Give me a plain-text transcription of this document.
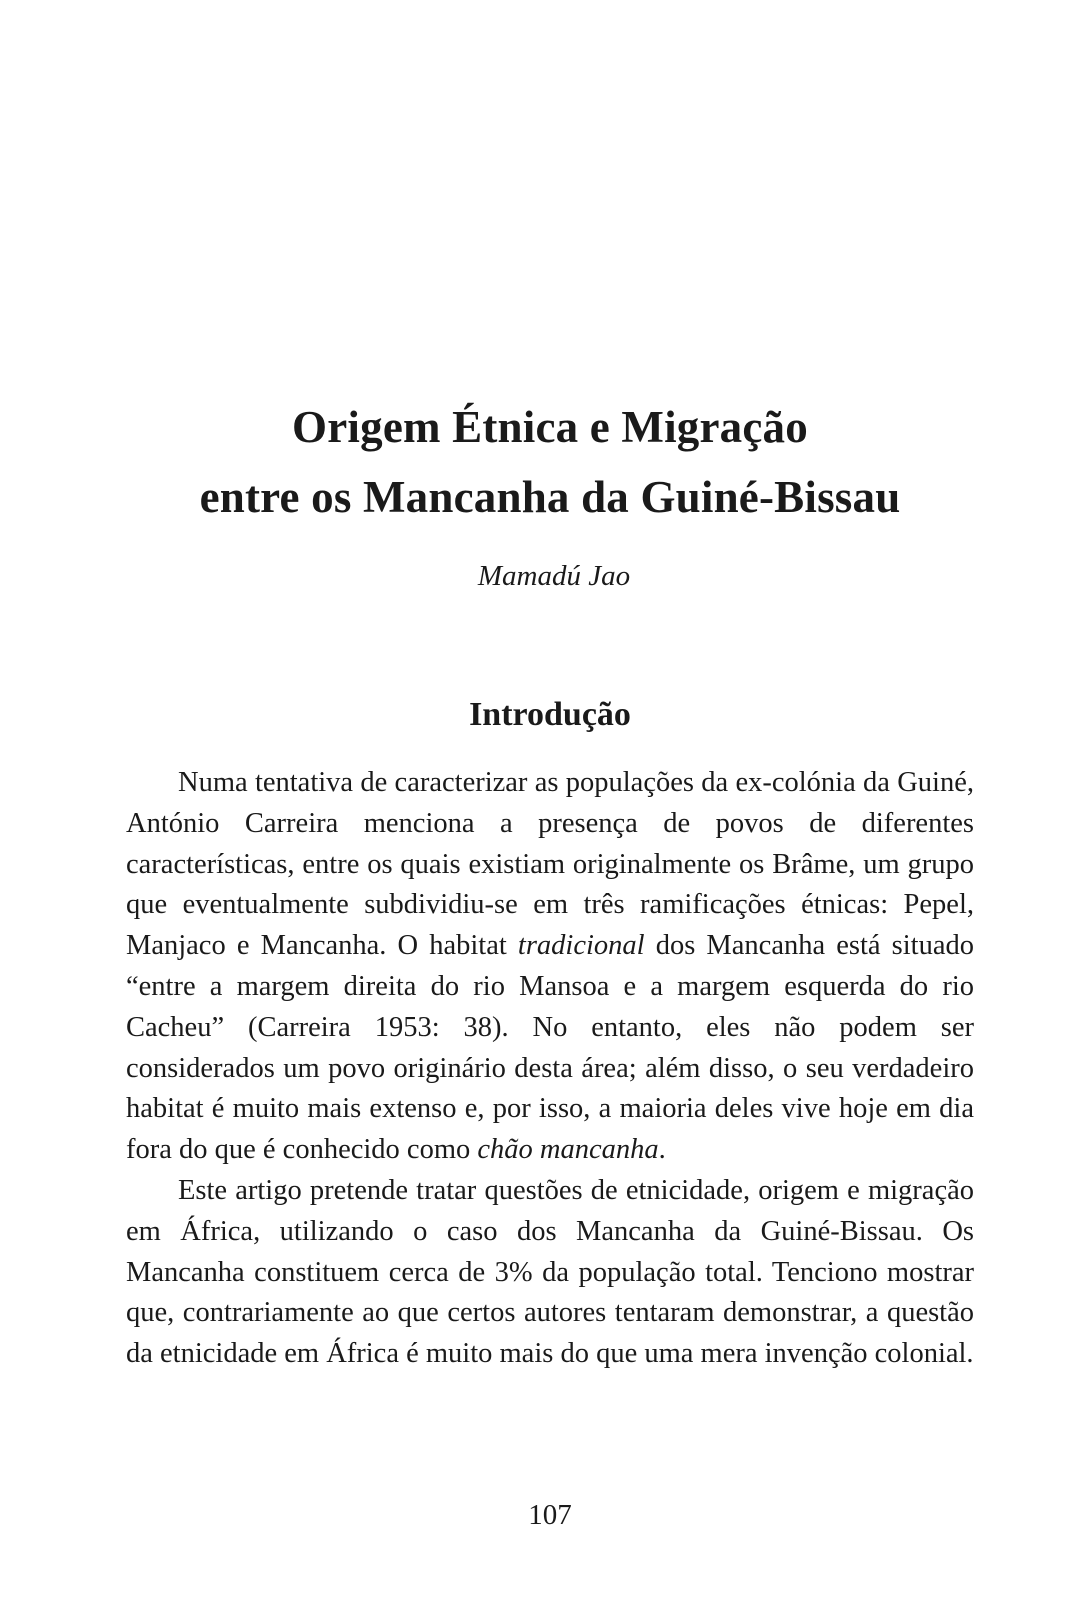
Origem Étnica e Migração
entre os Mancanha da Guiné-Bissau
Mamadú Jao
Introdução

Numa tentativa de caracterizar as populações da ex-colónia da Guiné, António Carreira menciona a presença de povos de diferentes características, entre os quais existiam originalmente os Brâme, um grupo que eventualmente subdividiu-se em três ramificações étnicas: Pepel, Manjaco e Mancanha. O habitat tradicional dos Mancanha está situado “entre a margem direita do rio Mansoa e a margem esquerda do rio Cacheu” (Carreira 1953: 38). No entanto, eles não podem ser considerados um povo originário desta área; além disso, o seu verdadeiro habitat é muito mais extenso e, por isso, a maioria deles vive hoje em dia fora do que é conhecido como chão mancanha.

Este artigo pretende tratar questões de etnicidade, origem e migração em África, utilizando o caso dos Mancanha da Guiné-Bissau. Os Mancanha constituem cerca de 3% da população total. Tenciono mostrar que, contrariamente ao que certos autores tentaram demonstrar, a questão da etnicidade em África é muito mais do que uma mera invenção colonial.

107
